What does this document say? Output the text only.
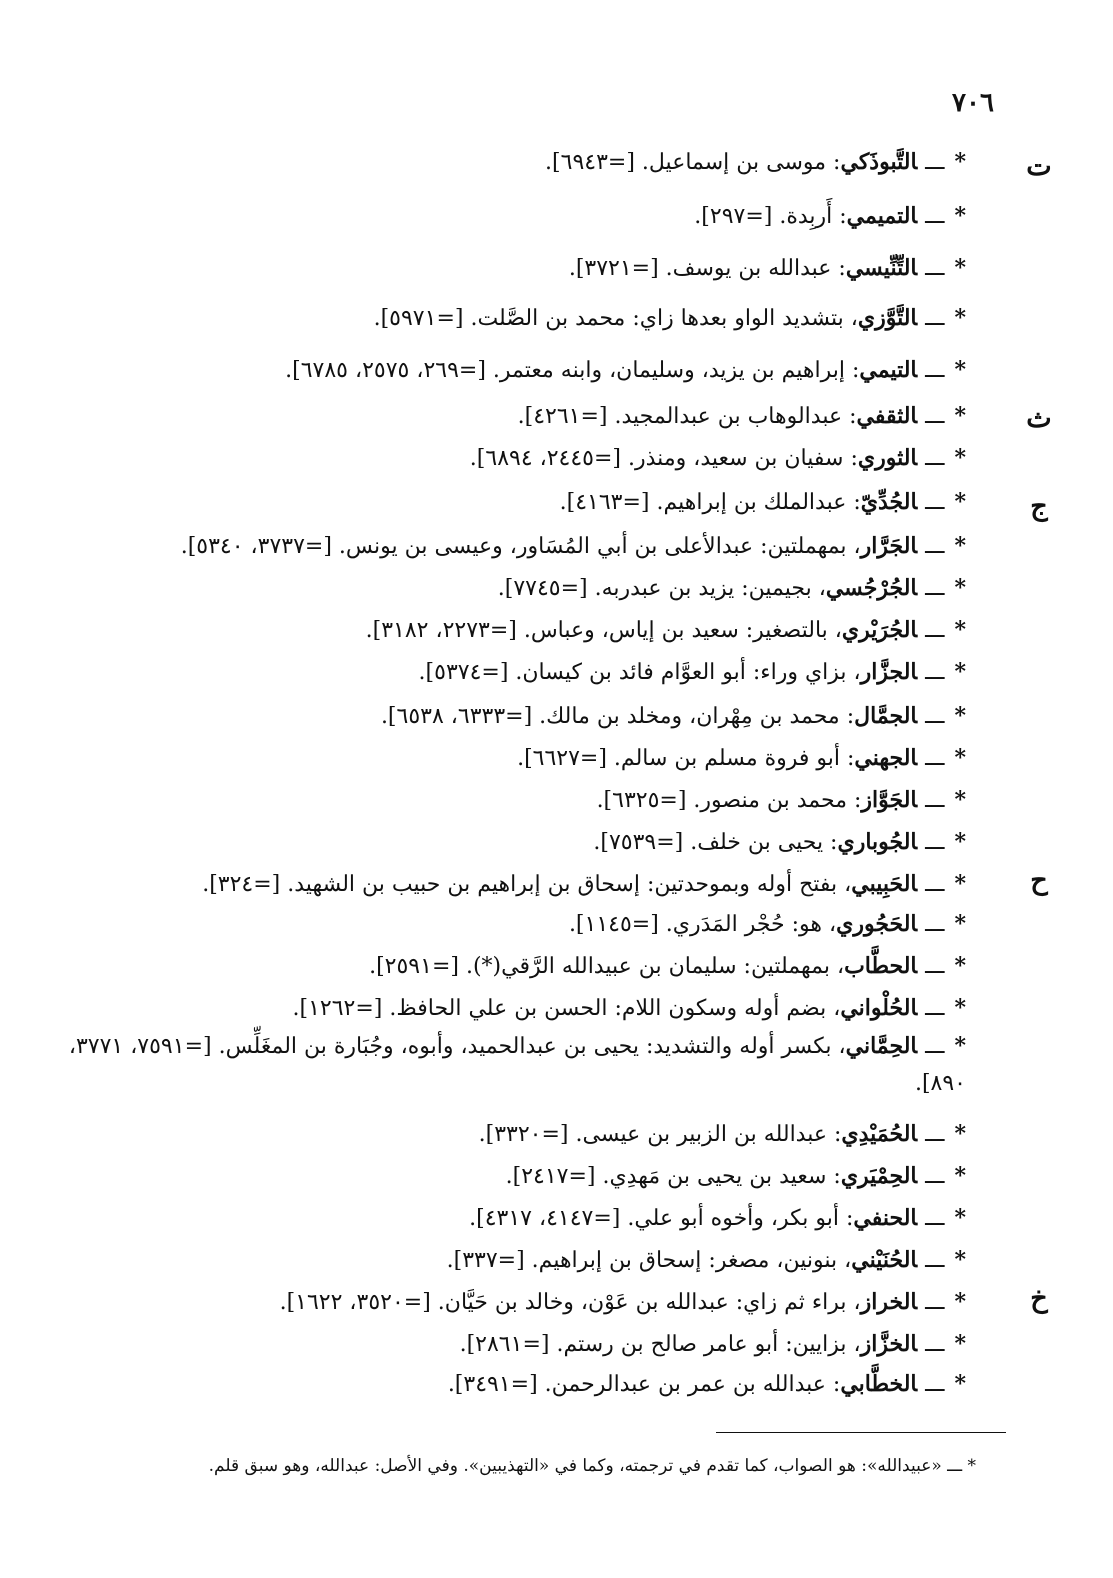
٧٠٦
ت
ث
ج
ح
خ
*ـــالتَّبوذَكي: موسى بن إسماعيل. [=٦٩٤٣].
*ـــالتميمي: أَربِدة. [=٢٩٧].
*ـــالتِّنِّيسي: عبدالله بن يوسف. [=٣٧٢١].
*ـــالتَّوَّزي، بتشديد الواو بعدها زاي: محمد بن الصَّلت. [=٥٩٧١].
*ـــالتيمي: إبراهيم بن يزيد، وسليمان، وابنه معتمر. [=٢٦٩، ٢٥٧٥، ٦٧٨٥].
*ـــالثقفي: عبدالوهاب بن عبدالمجيد. [=٤٢٦١].
*ـــالثوري: سفيان بن سعيد، ومنذر. [=٢٤٤٥، ٦٨٩٤].
*ـــالجُدِّيّ: عبدالملك بن إبراهيم. [=٤١٦٣].
*ـــالجَرَّار، بمهملتين: عبدالأعلى بن أبي المُسَاور، وعيسى بن يونس. [=٣٧٣٧، ٥٣٤٠].
*ـــالجُرْجُسي، بجيمين: يزيد بن عبدربه. [=٧٧٤٥].
*ـــالجُرَيْري، بالتصغير: سعيد بن إياس، وعباس. [=٢٢٧٣، ٣١٨٢].
*ـــالجزَّار، بزاي وراء: أبو العوَّام فائد بن كيسان. [=٥٣٧٤].
*ـــالجمَّال: محمد بن مِهْران، ومخلد بن مالك. [=٦٣٣٣، ٦٥٣٨].
*ـــالجهني: أبو فروة مسلم بن سالم. [=٦٦٢٧].
*ـــالجَوَّاز: محمد بن منصور. [=٦٣٢٥].
*ـــالجُوباري: يحيى بن خلف. [=٧٥٣٩].
*ـــالحَبِيبي، بفتح أوله وبموحدتين: إسحاق بن إبراهيم بن حبيب بن الشهيد. [=٣٢٤].
*ـــالحَجُوري، هو: حُجْر المَدَري. [=١١٤٥].
*ـــالحطَّاب، بمهملتين: سليمان بن عبيدالله الرَّقي(*). [=٢٥٩١].
*ـــالحُلْواني، بضم أوله وسكون اللام: الحسن بن علي الحافظ. [=١٢٦٢].
*ـــالحِمَّاني، بكسر أوله والتشديد: يحيى بن عبدالحميد، وأبوه، وجُبَارة بن المغَلِّس. [=٧٥٩١، ٣٧٧١، ٨٩٠].
*ـــالحُمَيْدِي: عبدالله بن الزبير بن عيسى. [=٣٣٢٠].
*ـــالحِمْيَري: سعيد بن يحيى بن مَهدِي. [=٢٤١٧].
*ـــالحنفي: أبو بكر، وأخوه أبو علي. [=٤١٤٧، ٤٣١٧].
*ـــالحُنَيْني، بنونين، مصغر: إسحاق بن إبراهيم. [=٣٣٧].
*ـــالخراز، براء ثم زاي: عبدالله بن عَوْن، وخالد بن حَيَّان. [=٣٥٢٠، ١٦٢٢].
*ـــالخزَّاز، بزايين: أبو عامر صالح بن رستم. [=٢٨٦١].
*ـــالخطَّابي: عبدالله بن عمر بن عبدالرحمن. [=٣٤٩١].
* ـــ «عبيدالله»: هو الصواب، كما تقدم في ترجمته، وكما في «التهذيبين». وفي الأصل: عبدالله، وهو سبق قلم.
